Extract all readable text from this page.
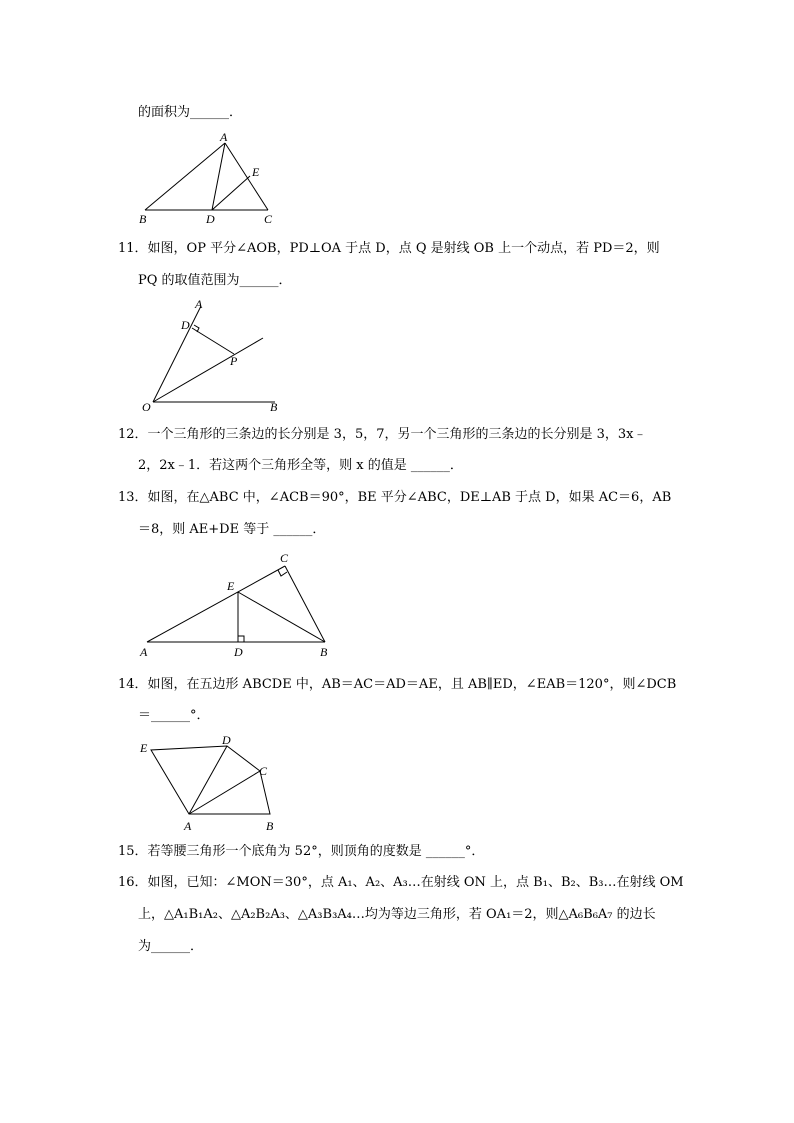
的面积为______．
A
E
B	D	C
11．如图，OP 平分∠AOB，PD⊥OA 于点 D，点 Q 是射线 OB 上一个动点，若 PD＝2，则
PQ 的取值范围为______．
A
D
P
O	B
12．一个三角形的三条边的长分别是 3，5，7，另一个三角形的三条边的长分别是 3，3x﹣
2，2x﹣1．若这两个三角形全等，则 x 的值是 ______．
13．如图，在△ABC 中，∠ACB＝90°，BE 平分∠ABC，DE⊥AB 于点 D，如果 AC＝6，AB
＝8，则 AE+DE 等于 ______．
C
E
A	D	B
14．如图，在五边形 ABCDE 中，AB＝AC＝AD＝AE，且 AB∥ED，∠EAB＝120°，则∠DCB
＝______°．
E
D
C
A	B
15．若等腰三角形一个底角为 52°，则顶角的度数是 ______°．
16．如图，已知：∠MON＝30°，点 A₁、A₂、A₃…在射线 ON 上，点 B₁、B₂、B₃…在射线 OM
上，△A₁B₁A₂、△A₂B₂A₃、△A₃B₃A₄…均为等边三角形，若 OA₁＝2，则△A₆B₆A₇ 的边长
为______．
